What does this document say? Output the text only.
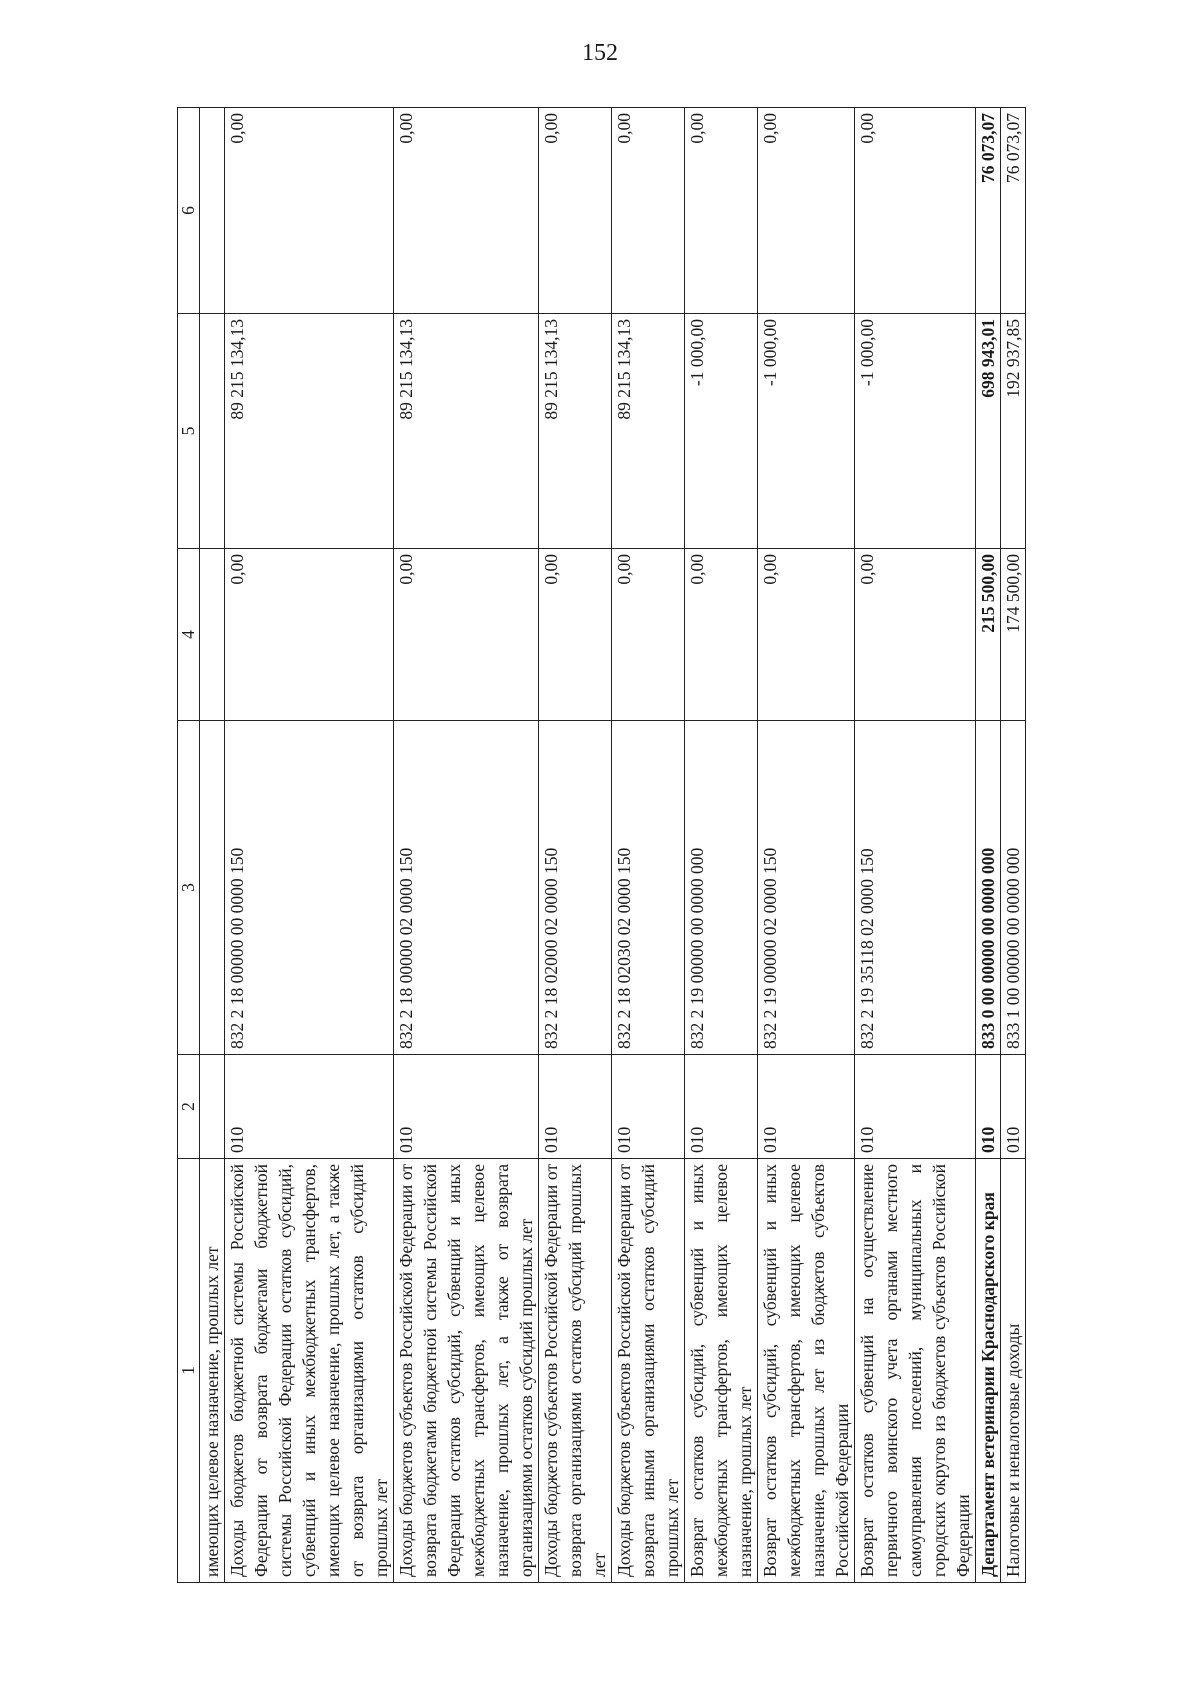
152
1	2	3	4	5	6
имеющих целевое назначение, прошлых лет					
Доходы бюджетов бюджетной системы Российской Федерации от возврата бюджетами бюджетной системы Российской Федерации остатков субсидий, субвенций и иных межбюджетных трансфертов, имеющих целевое назначение, прошлых лет, а также от возврата организациями остатков субсидий прошлых лет	010	832 2 18 00000 00 0000 150	0,00	89 215 134,13	0,00
Доходы бюджетов субъектов Российской Федерации от возврата бюджетами бюджетной системы Российской Федерации остатков субсидий, субвенций и иных межбюджетных трансфертов, имеющих целевое назначение, прошлых лет, а также от возврата организациями остатков субсидий прошлых лет	010	832 2 18 00000 02 0000 150	0,00	89 215 134,13	0,00
Доходы бюджетов субъектов Российской Федерации от возврата организациями остатков субсидий прошлых лет	010	832 2 18 02000 02 0000 150	0,00	89 215 134,13	0,00
Доходы бюджетов субъектов Российской Федерации от возврата иными организациями остатков субсидий прошлых лет	010	832 2 18 02030 02 0000 150	0,00	89 215 134,13	0,00
Возврат остатков субсидий, субвенций и иных межбюджетных трансфертов, имеющих целевое назначение, прошлых лет	010	832 2 19 00000 00 0000 000	0,00	-1 000,00	0,00
Возврат остатков субсидий, субвенций и иных межбюджетных трансфертов, имеющих целевое назначение, прошлых лет из бюджетов субъектов Российской Федерации	010	832 2 19 00000 02 0000 150	0,00	-1 000,00	0,00
Возврат остатков субвенций на осуществление первичного воинского учета органами местного самоуправления поселений, муниципальных и городских округов из бюджетов субъектов Российской Федерации	010	832 2 19 35118 02 0000 150	0,00	-1 000,00	0,00
Департамент ветеринарии Краснодарского края	010	833 0 00 00000 00 0000 000	215 500,00	698 943,01	76 073,07
Налоговые и неналоговые доходы	010	833 1 00 00000 00 0000 000	174 500,00	192 937,85	76 073,07
